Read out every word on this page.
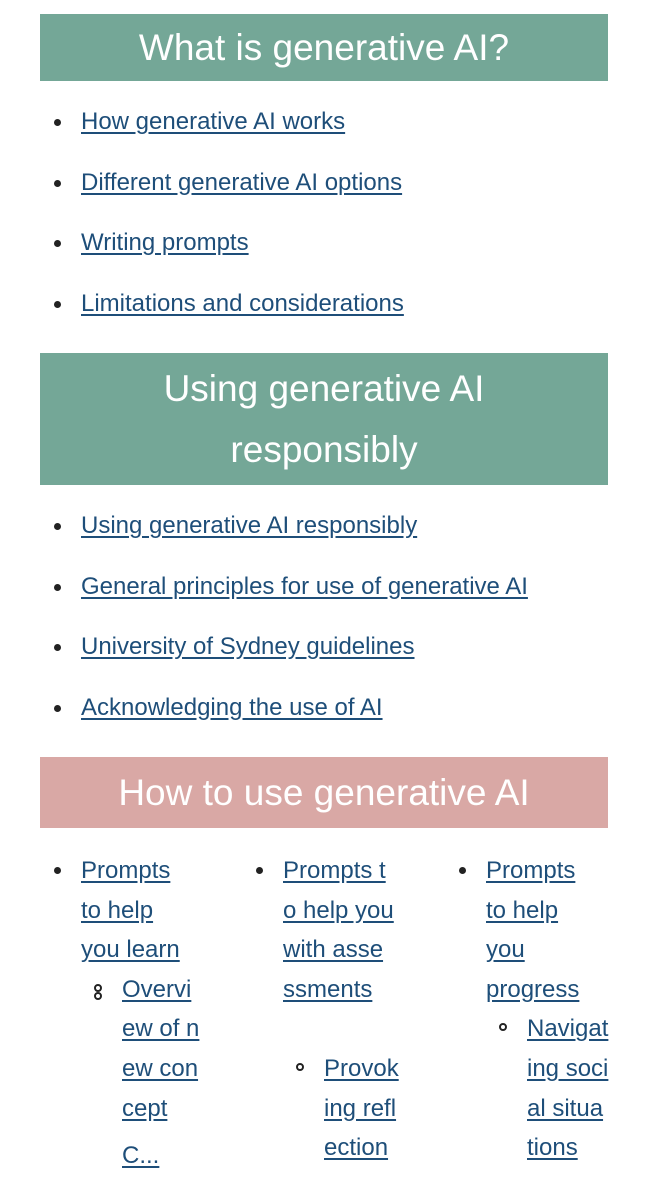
What is generative AI?
How generative AI works
Different generative AI options
Writing prompts
Limitations and considerations
Using generative AI
responsibly
Using generative AI responsibly
General principles for use of generative AI
University of Sydney guidelines
Acknowledging the use of AI
How to use generative AI
Prompts to help you learn
Overview of new concept
C...
Prompts to help you with assessments
Provoking reflection
Prompts to help you progress
Navigating social situations
